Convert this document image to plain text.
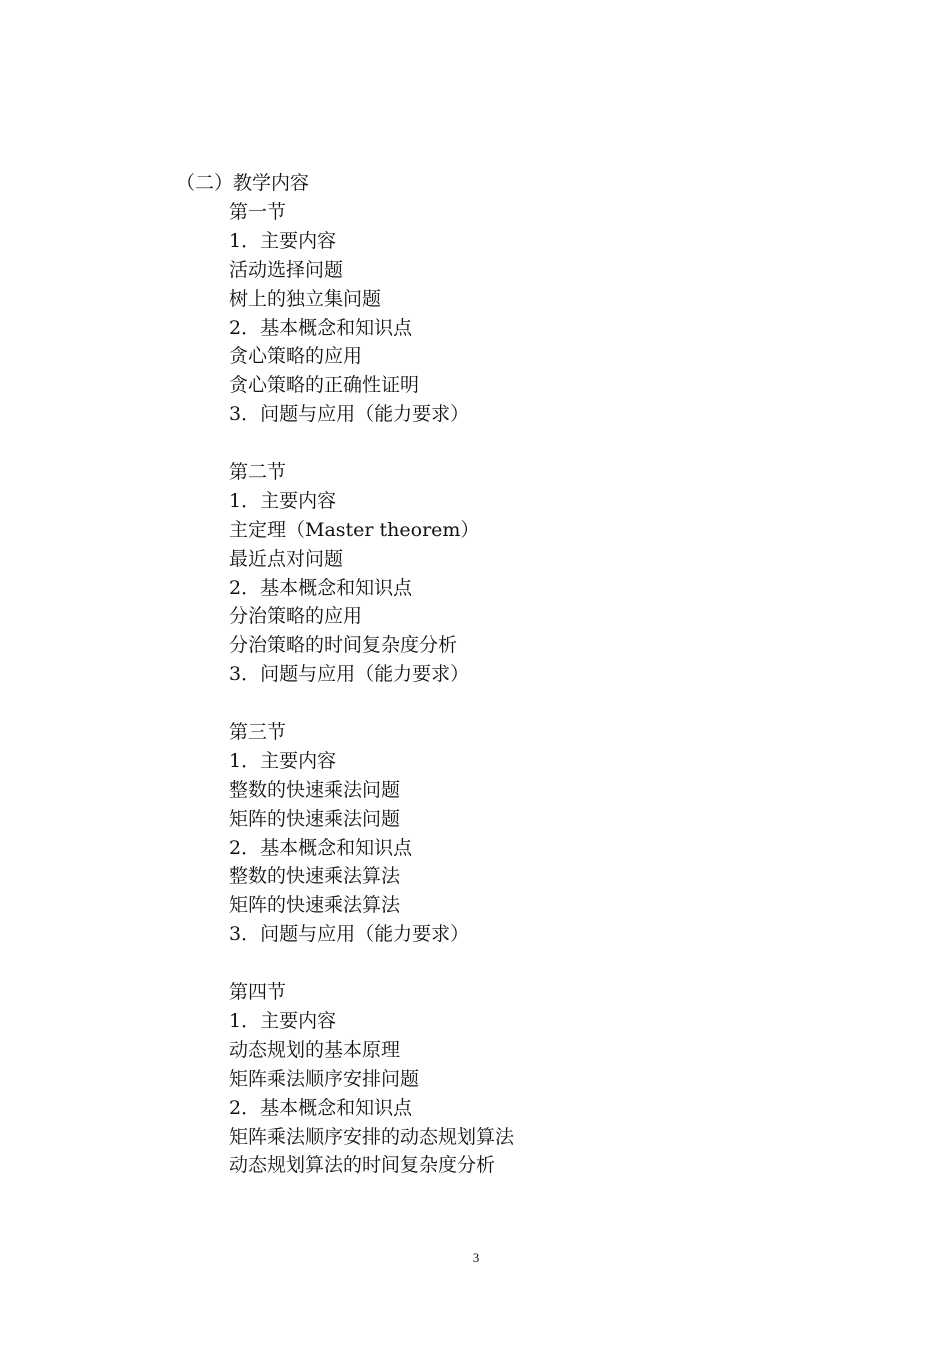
（二）教学内容
第一节
1．主要内容
活动选择问题
树上的独立集问题
2．基本概念和知识点
贪心策略的应用
贪心策略的正确性证明
3．问题与应用（能力要求）
第二节
1．主要内容
主定理（Master theorem）
最近点对问题
2．基本概念和知识点
分治策略的应用
分治策略的时间复杂度分析
3．问题与应用（能力要求）
第三节
1．主要内容
整数的快速乘法问题
矩阵的快速乘法问题
2．基本概念和知识点
整数的快速乘法算法
矩阵的快速乘法算法
3．问题与应用（能力要求）
第四节
1．主要内容
动态规划的基本原理
矩阵乘法顺序安排问题
2．基本概念和知识点
矩阵乘法顺序安排的动态规划算法
动态规划算法的时间复杂度分析
3
